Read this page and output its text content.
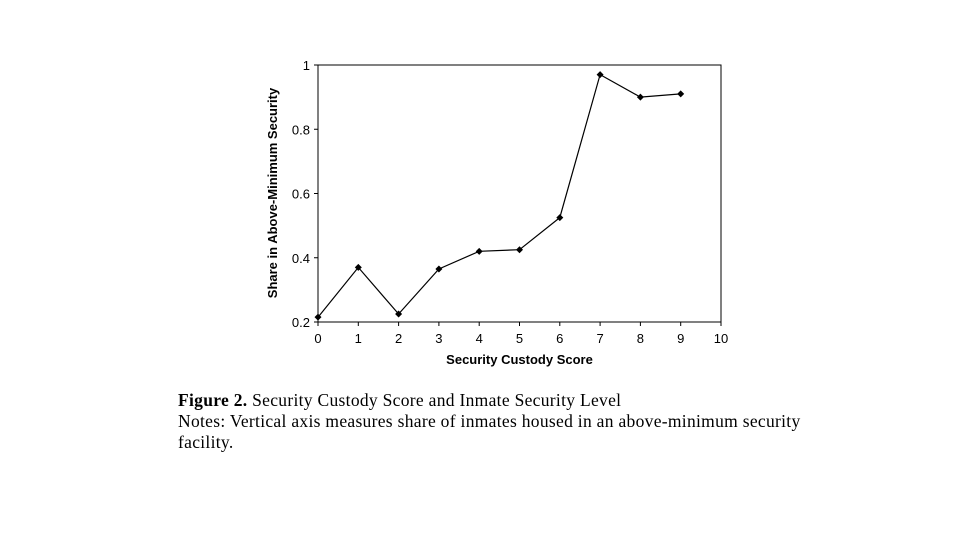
0.2
0.4
0.6
0.8
1
0	1	2	3	4	5	6	7	8	9 10
Security Custody Score
Share in Above-Minimum Security
Figure 2. Security Custody Score and Inmate Security Level
Notes: Vertical axis measures share of inmates housed in an above-minimum security facility.
